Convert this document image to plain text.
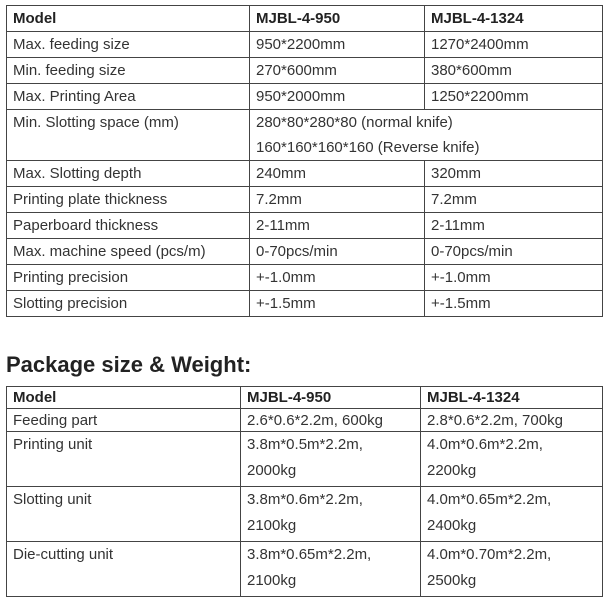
Model	MJBL-4-950	MJBL-4-1324
Max. feeding size	950*2200mm	1270*2400mm
Min. feeding size	270*600mm	380*600mm
Max. Printing Area	950*2000mm	1250*2200mm
Min. Slotting space (mm)	280*80*280*80 (normal knife)
160*160*160*160 (Reverse knife)	

Max. Slotting depth	240mm	320mm
Printing plate thickness	7.2mm	7.2mm
Paperboard thickness	2-11mm	2-11mm
Max. machine speed (pcs/m)	0-70pcs/min	0-70pcs/min
Printing precision	+-1.0mm	+-1.0mm
Slotting precision	+-1.5mm	+-1.5mm
Package size & Weight:
Model	MJBL-4-950	MJBL-4-1324
Feeding part	2.6*0.6*2.2m, 600kg	2.8*0.6*2.2m, 700kg
Printing unit	3.8m*0.5m*2.2m, 2000kg	4.0m*0.6m*2.2m, 2200kg
Slotting unit	3.8m*0.6m*2.2m, 2100kg	4.0m*0.65m*2.2m, 2400kg
Die-cutting unit	3.8m*0.65m*2.2m, 2100kg	4.0m*0.70m*2.2m, 2500kg
